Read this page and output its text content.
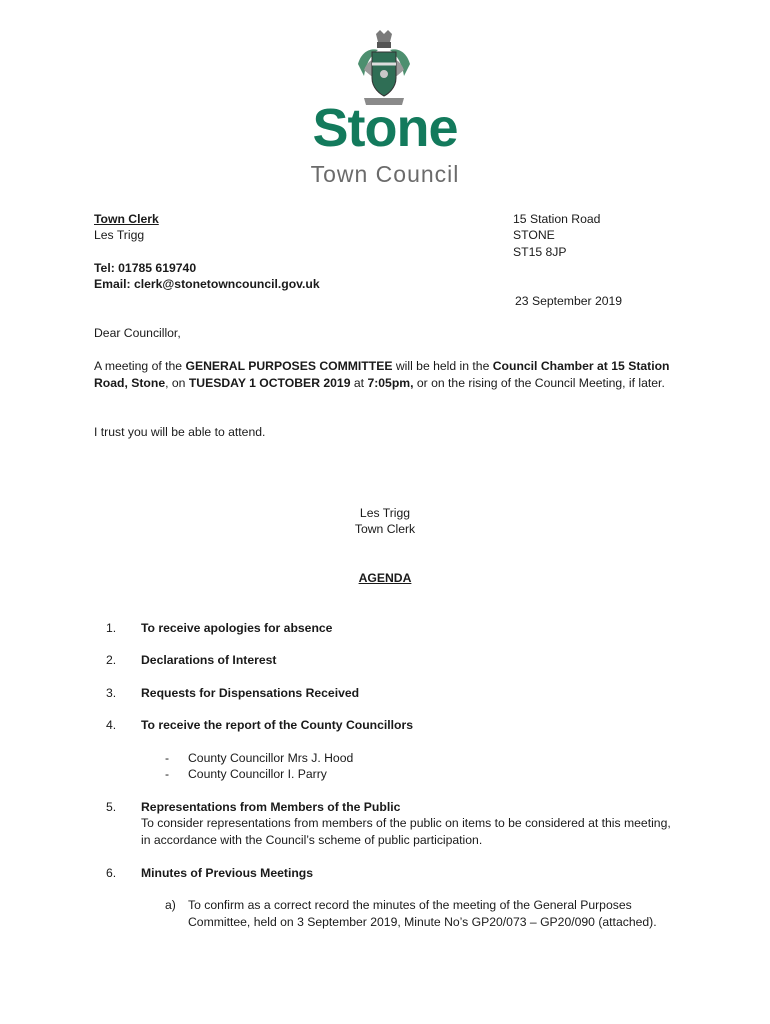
Stone
Town Council
Town Clerk
Les Trigg
Tel: 01785 619740
Email: clerk@stonetowncouncil.gov.uk
15 Station Road
STONE
ST15 8JP
23 September 2019
Dear Councillor,
A meeting of the GENERAL PURPOSES COMMITTEE will be held in the Council Chamber at 15 Station Road, Stone, on TUESDAY 1 OCTOBER 2019 at 7:05pm, or on the rising of the Council Meeting, if later.
I trust you will be able to attend.
Les Trigg
Town Clerk
AGENDA
1. To receive apologies for absence
2. Declarations of Interest
3. Requests for Dispensations Received
4. To receive the report of the County Councillors
- County Councillor Mrs J. Hood
- County Councillor I. Parry
5. Representations from Members of the Public
To consider representations from members of the public on items to be considered at this meeting, in accordance with the Council’s scheme of public participation.
6. Minutes of Previous Meetings
a) To confirm as a correct record the minutes of the meeting of the General Purposes Committee, held on 3 September 2019, Minute No’s GP20/073 – GP20/090 (attached).
